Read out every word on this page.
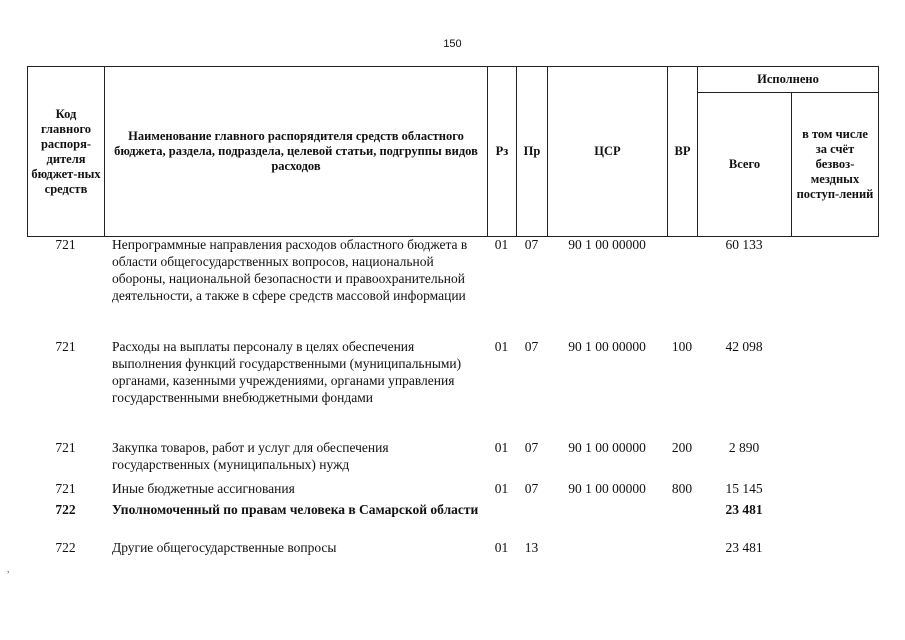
150
Код главного распоря-дителя бюджет-ных средств	Наименование главного распорядителя средств областного бюджета, раздела, подраздела, целевой статьи, подгруппы видов расходов	Рз	Пр	ЦСР	ВР	Исполнено	
						Всего	в том числе за счёт безвоз-мездных поступ-лений
721	Непрограммные направления расходов областного бюджета в области общегосударственных вопросов, национальной обороны, национальной безопасности и правоохранительной деятельности, а также в сфере средств массовой информации	01	07	90 1 00 00000		60 133	
721	Расходы на выплаты персоналу в целях обеспечения выполнения функций государственными (муниципальными) органами, казенными учреждениями, органами управления государственными внебюджетными фондами	01	07	90 1 00 00000	100	42 098	
721	Закупка товаров, работ и услуг для обеспечения государственных (муниципальных) нужд	01	07	90 1 00 00000	200	2 890	
721	Иные бюджетные ассигнования	01	07	90 1 00 00000	800	15 145	
722	Уполномоченный по правам человека в Самарской области					23 481	
722	Другие общегосударственные вопросы	01	13			23 481	
,
